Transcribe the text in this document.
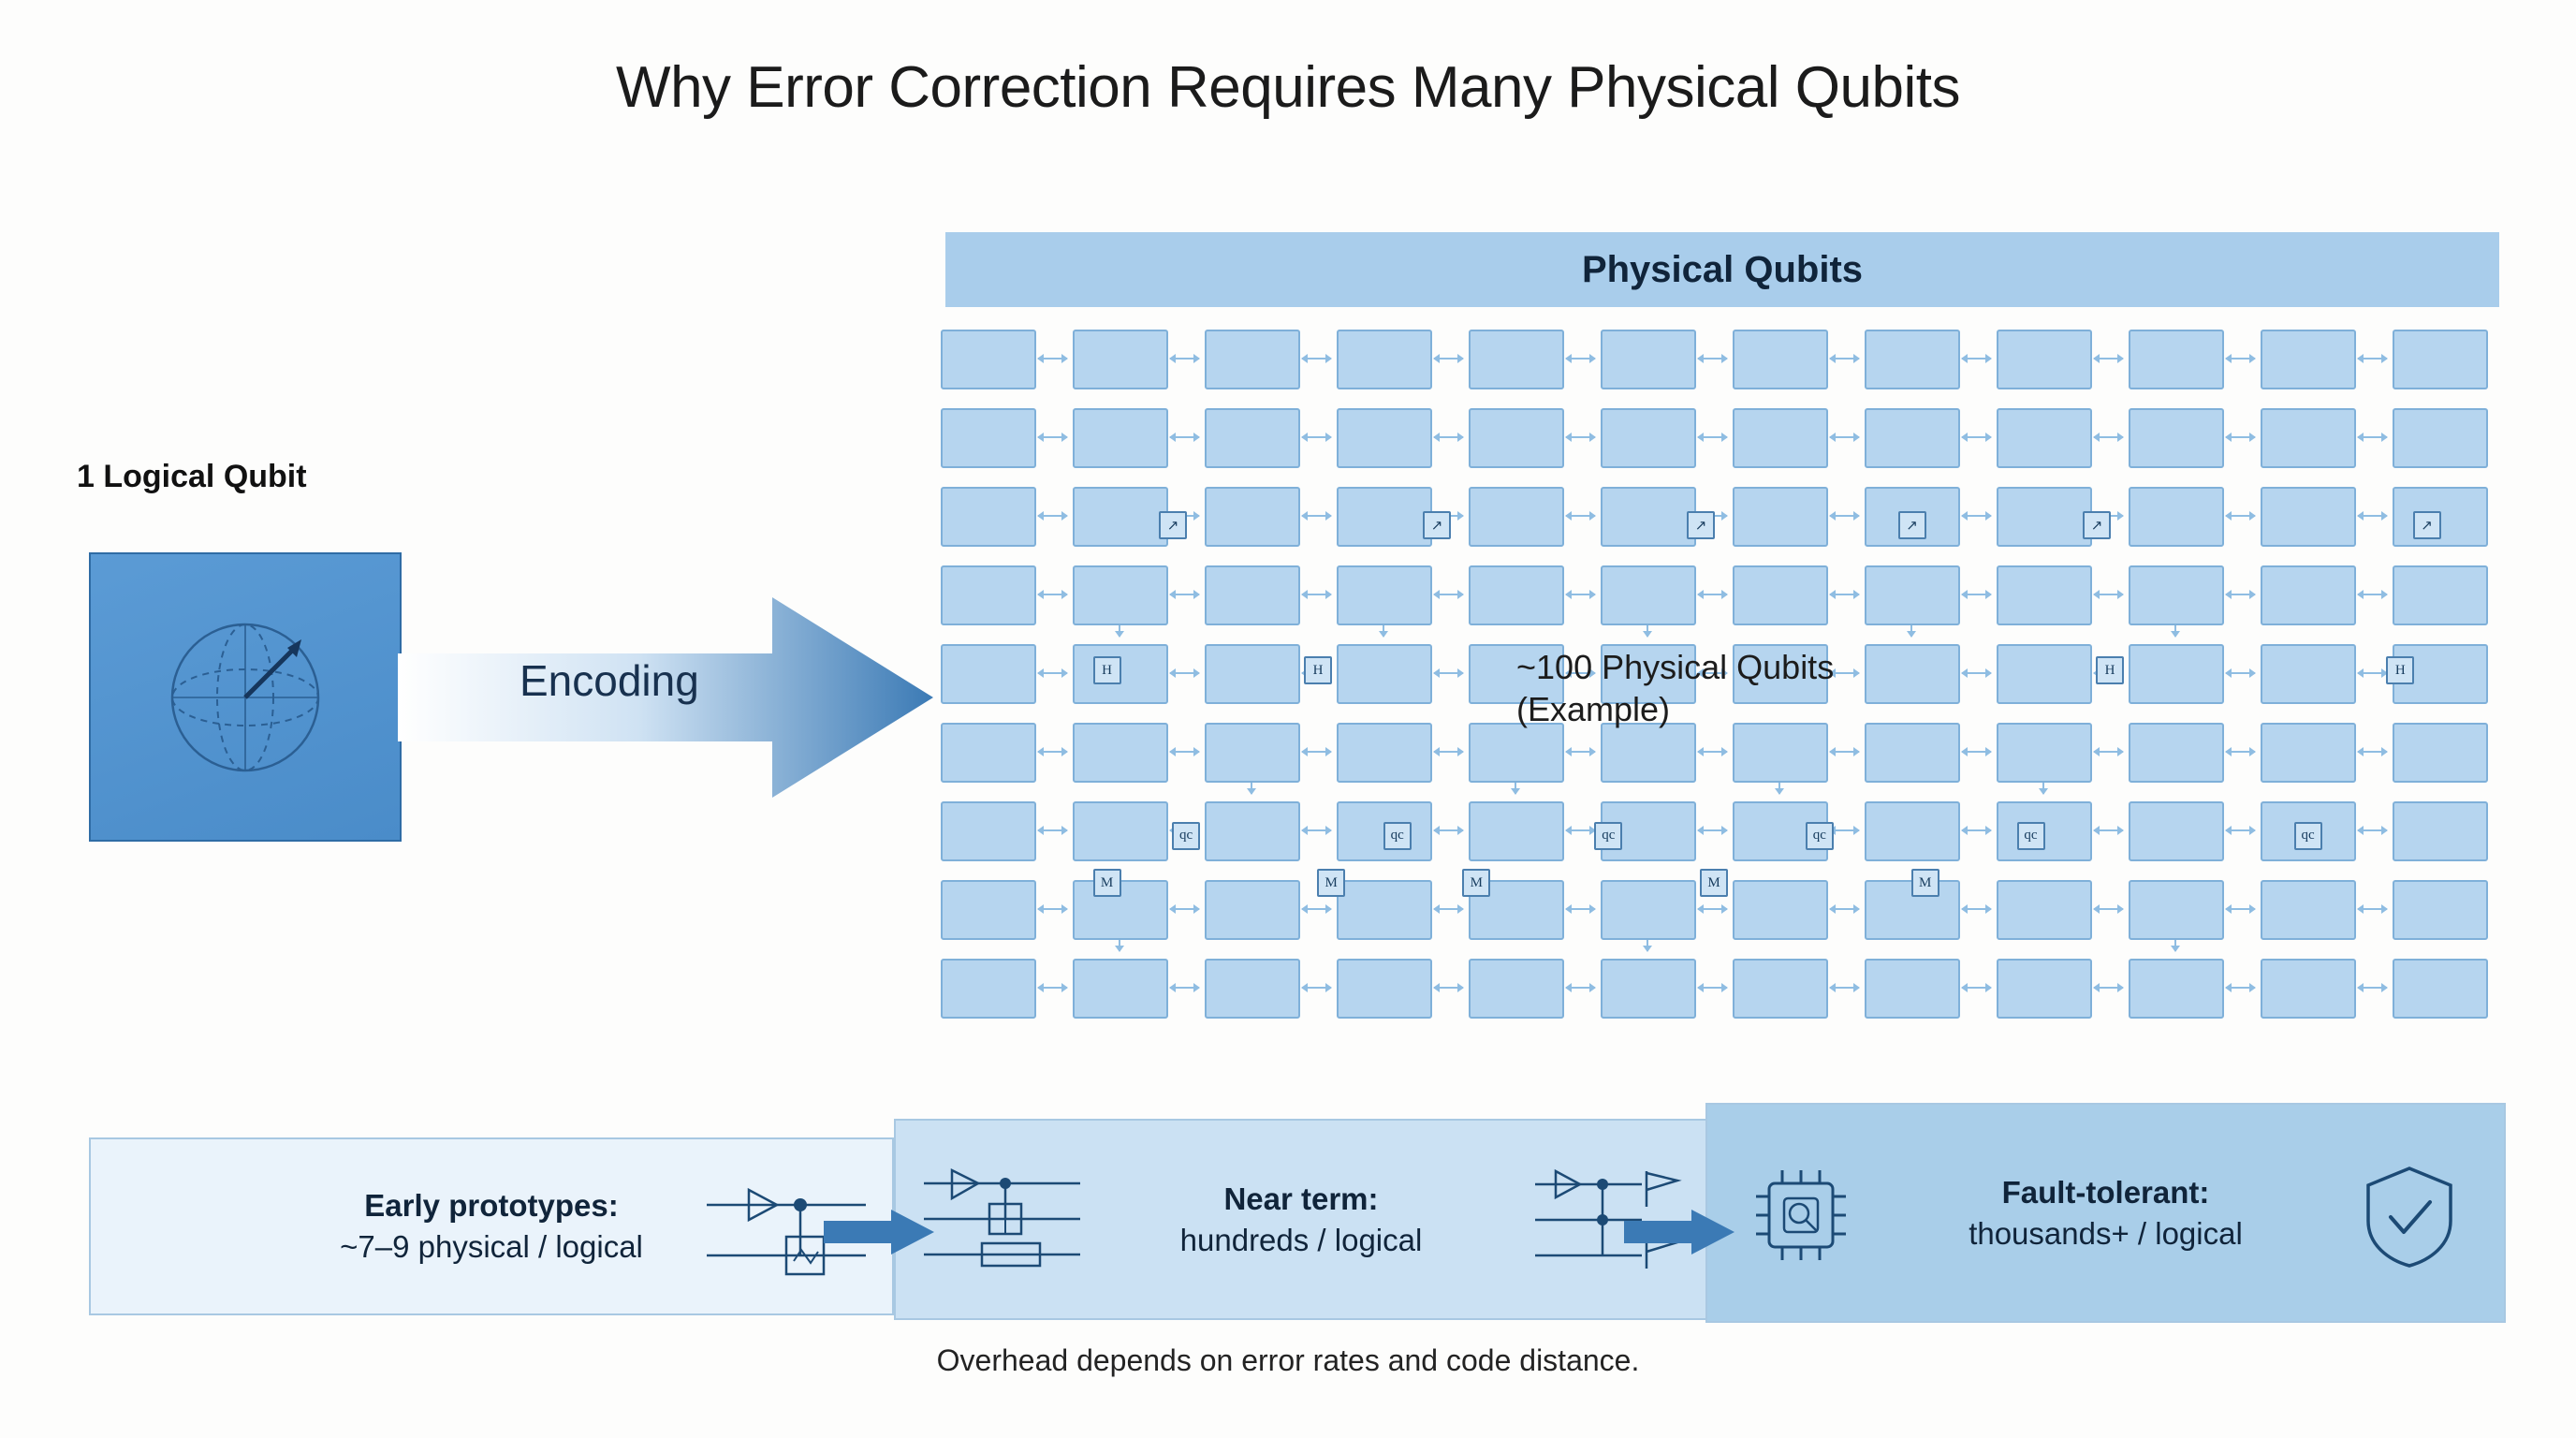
Why Error Correction Requires Many Physical Qubits
1 Logical Qubit
Encoding
Physical Qubits
↗	↗	↗	↗	↗	↗
H	H	H	H
qc	qc	qc	qc	qc	qc
M	M	M	M	M
~100 Physical Qubits
(Example)
Early prototypes:
~7–9 physical / logical
Near term:
hundreds / logical
Fault-tolerant:
thousands+ / logical
Overhead depends on error rates and code distance.
